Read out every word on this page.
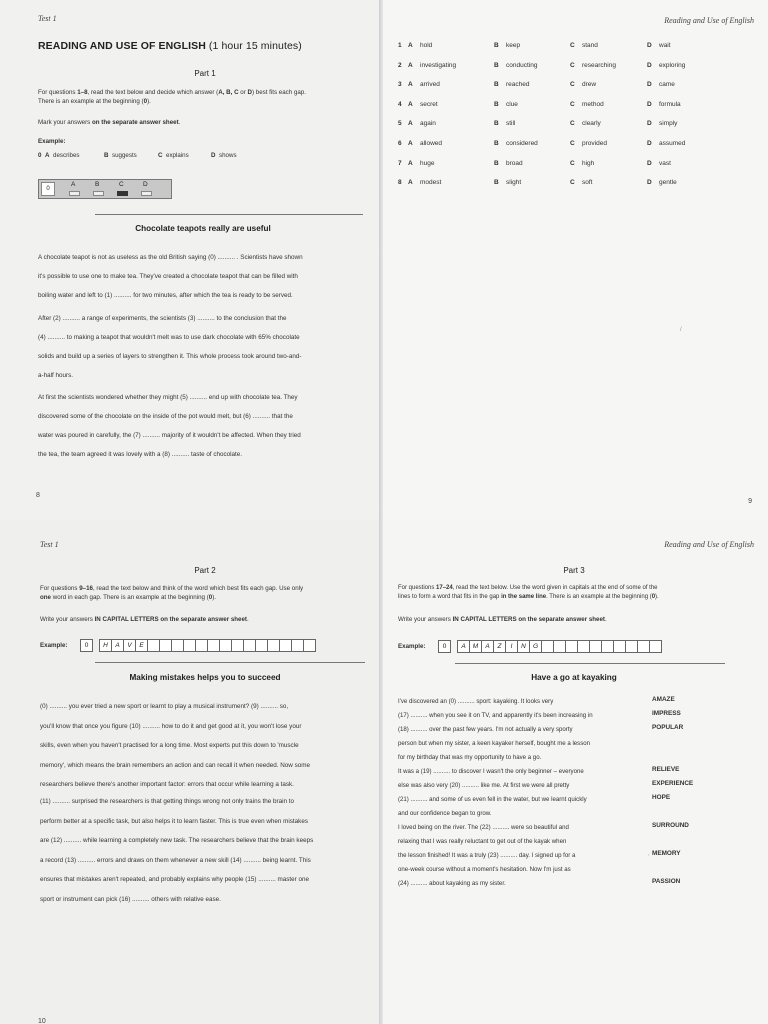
Test 1
READING AND USE OF ENGLISH (1 hour 15 minutes)
Part 1
For questions 1–8, read the text below and decide which answer (A, B, C or D) best fits each gap.
There is an example at the beginning (0).
Mark your answers on the separate answer sheet.
Example:
0 A describes	B suggests	C explains	D shows
0
A	B	C	D
Chocolate teapots really are useful
A chocolate teapot is not as useless as the old British saying (0) .......... . Scientists have shown
it's possible to use one to make tea. They've created a chocolate teapot that can be filled with
boiling water and left to (1) .......... for two minutes, after which the tea is ready to be served.
After (2) .......... a range of experiments, the scientists (3) .......... to the conclusion that the
(4) .......... to making a teapot that wouldn't melt was to use dark chocolate with 65% chocolate
solids and build up a series of layers to strengthen it. This whole process took around two-and-
a-half hours.
At first the scientists wondered whether they might (5) .......... end up with chocolate tea. They
discovered some of the chocolate on the inside of the pot would melt, but (6) .......... that the
water was poured in carefully, the (7) .......... majority of it wouldn't be affected. When they tried
the tea, the team agreed it was lovely with a (8) .......... taste of chocolate.
8
Reading and Use of English
1 A hold	B keep	C stand	D wait
2 A investigating	B conducting	C researching	D exploring
3 A arrived	B reached	C drew	D came
4 A secret	B clue	C method	D formula
5 A again	B still	C clearly	D simply
6 A allowed	B considered	C provided	D assumed
7 A huge	B broad	C high	D vast
8 A modest	B slight	C soft	D gentle
/
9
Test 1
Part 2
For questions 9–16, read the text below and think of the word which best fits each gap. Use only
one word in each gap. There is an example at the beginning (0).
Write your answers IN CAPITAL LETTERS on the separate answer sheet.
Example:	0	H	A	V	E
Making mistakes helps you to succeed
(0) .......... you ever tried a new sport or learnt to play a musical instrument? (9) .......... so,
you'll know that once you figure (10) .......... how to do it and get good at it, you won't lose your
skills, even when you haven't practised for a long time. Most experts put this down to 'muscle
memory', which means the brain remembers an action and can recall it when needed. Now some
researchers believe there's another important factor: errors that occur while learning a task.
(11) .......... surprised the researchers is that getting things wrong not only trains the brain to
perform better at a specific task, but also helps it to learn faster. This is true even when mistakes
are (12) .......... while learning a completely new task. The researchers believe that the brain keeps
a record (13) .......... errors and draws on them whenever a new skill (14) .......... being learnt. This
ensures that mistakes aren't repeated, and probably explains why people (15) .......... master one
sport or instrument can pick (16) .......... others with relative ease.
10
Reading and Use of English
Part 3
For questions 17–24, read the text below. Use the word given in capitals at the end of some of the
lines to form a word that fits in the gap in the same line. There is an example at the beginning (0).
Write your answers IN CAPITAL LETTERS on the separate answer sheet.
Example:	0	A	M	A	Z	I	N	G
Have a go at kayaking
I've discovered an (0) .......... sport: kayaking. It looks very	AMAZE
(17) .......... when you see it on TV, and apparently it's been increasing in	IMPRESS
(18) .......... over the past few years. I'm not actually a very sporty	POPULAR
person but when my sister, a keen kayaker herself, bought me a lesson
for my birthday that was my opportunity to have a go.
It was a (19) .......... to discover I wasn't the only beginner – everyone	RELIEVE
else was also very (20) .......... like me. At first we were all pretty	EXPERIENCE
(21) .......... and some of us even fell in the water, but we learnt quickly	HOPE
and our confidence began to grow.
I loved being on the river. The (22) .......... were so beautiful and	SURROUND
relaxing that I was really reluctant to get out of the kayak when
the lesson finished! It was a truly (23) .......... day. I signed up for a	MEMORY
one-week course without a moment's hesitation. Now I'm just as
(24) .......... about kayaking as my sister.	PASSION
,
